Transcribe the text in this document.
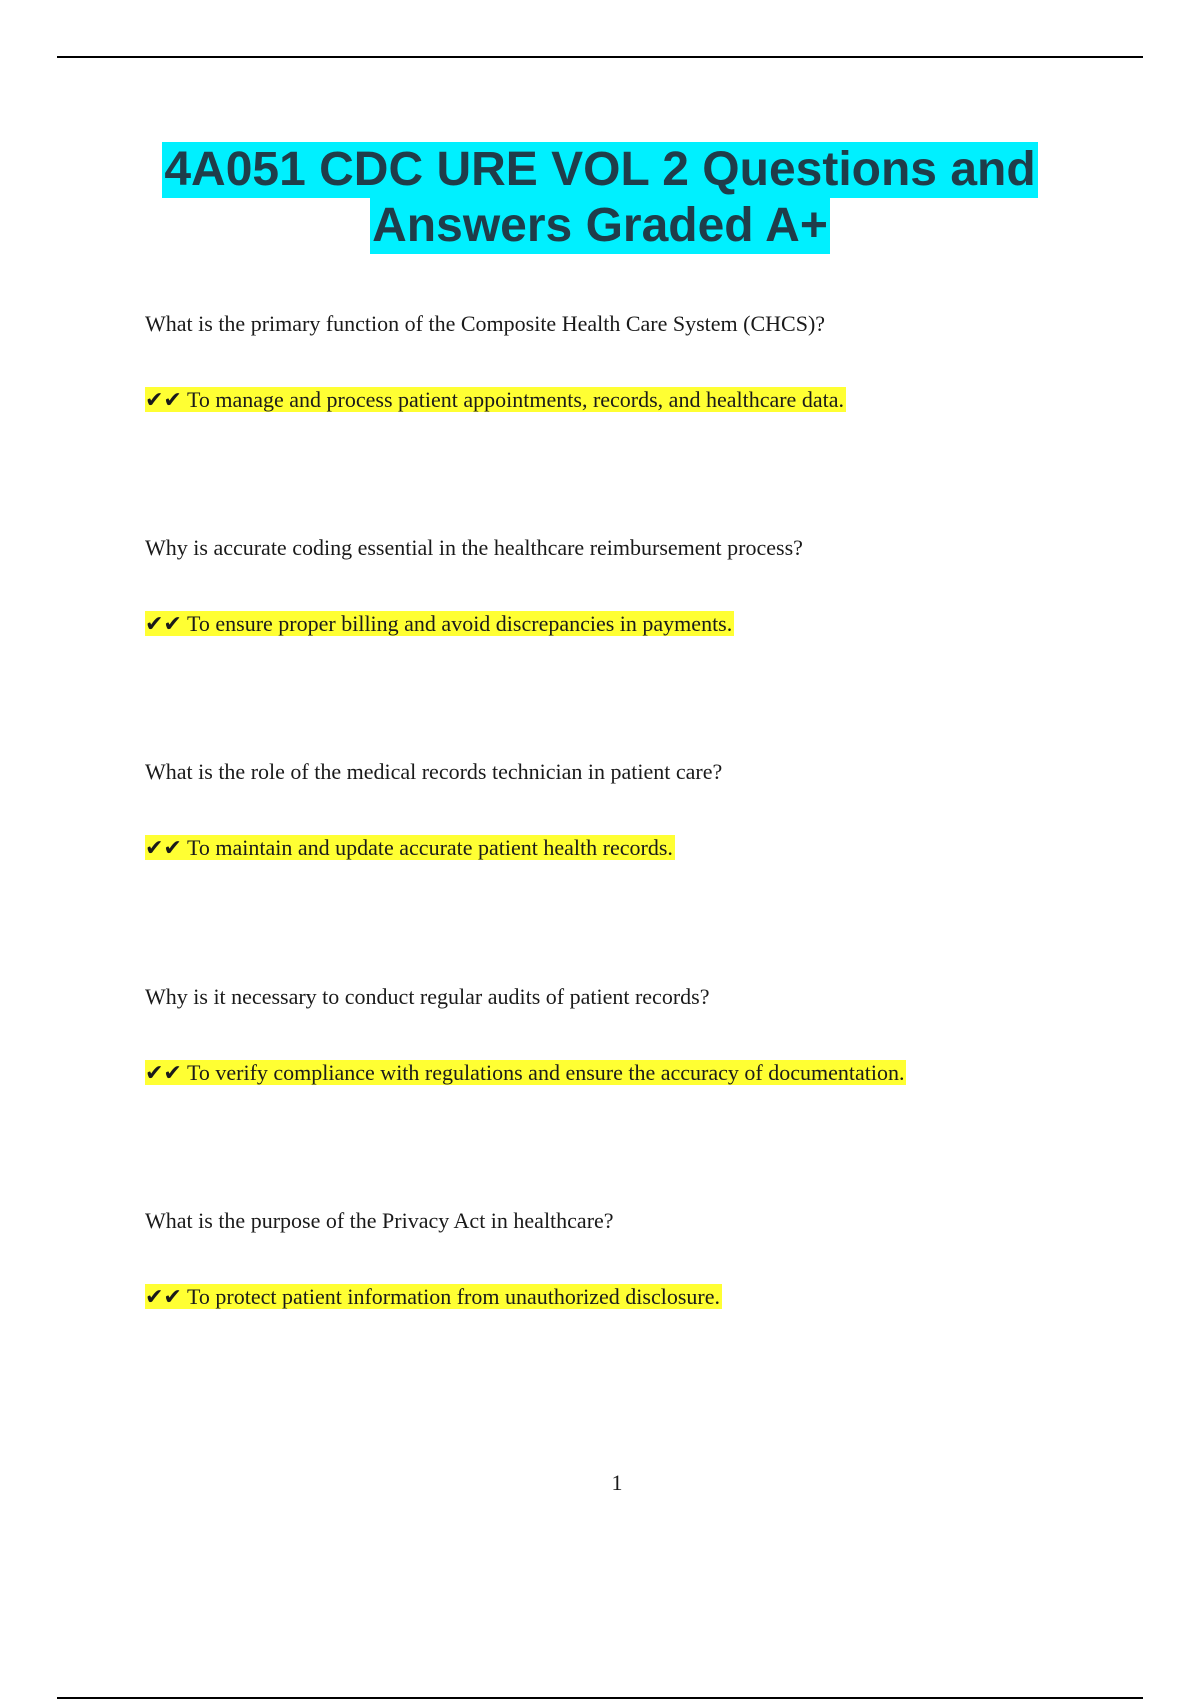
4A051 CDC URE VOL 2 Questions and
Answers Graded A+
What is the primary function of the Composite Health Care System (CHCS)?
✔✔ To manage and process patient appointments, records, and healthcare data.
Why is accurate coding essential in the healthcare reimbursement process?
✔✔ To ensure proper billing and avoid discrepancies in payments.
What is the role of the medical records technician in patient care?
✔✔ To maintain and update accurate patient health records.
Why is it necessary to conduct regular audits of patient records?
✔✔ To verify compliance with regulations and ensure the accuracy of documentation.
What is the purpose of the Privacy Act in healthcare?
✔✔ To protect patient information from unauthorized disclosure.
1
